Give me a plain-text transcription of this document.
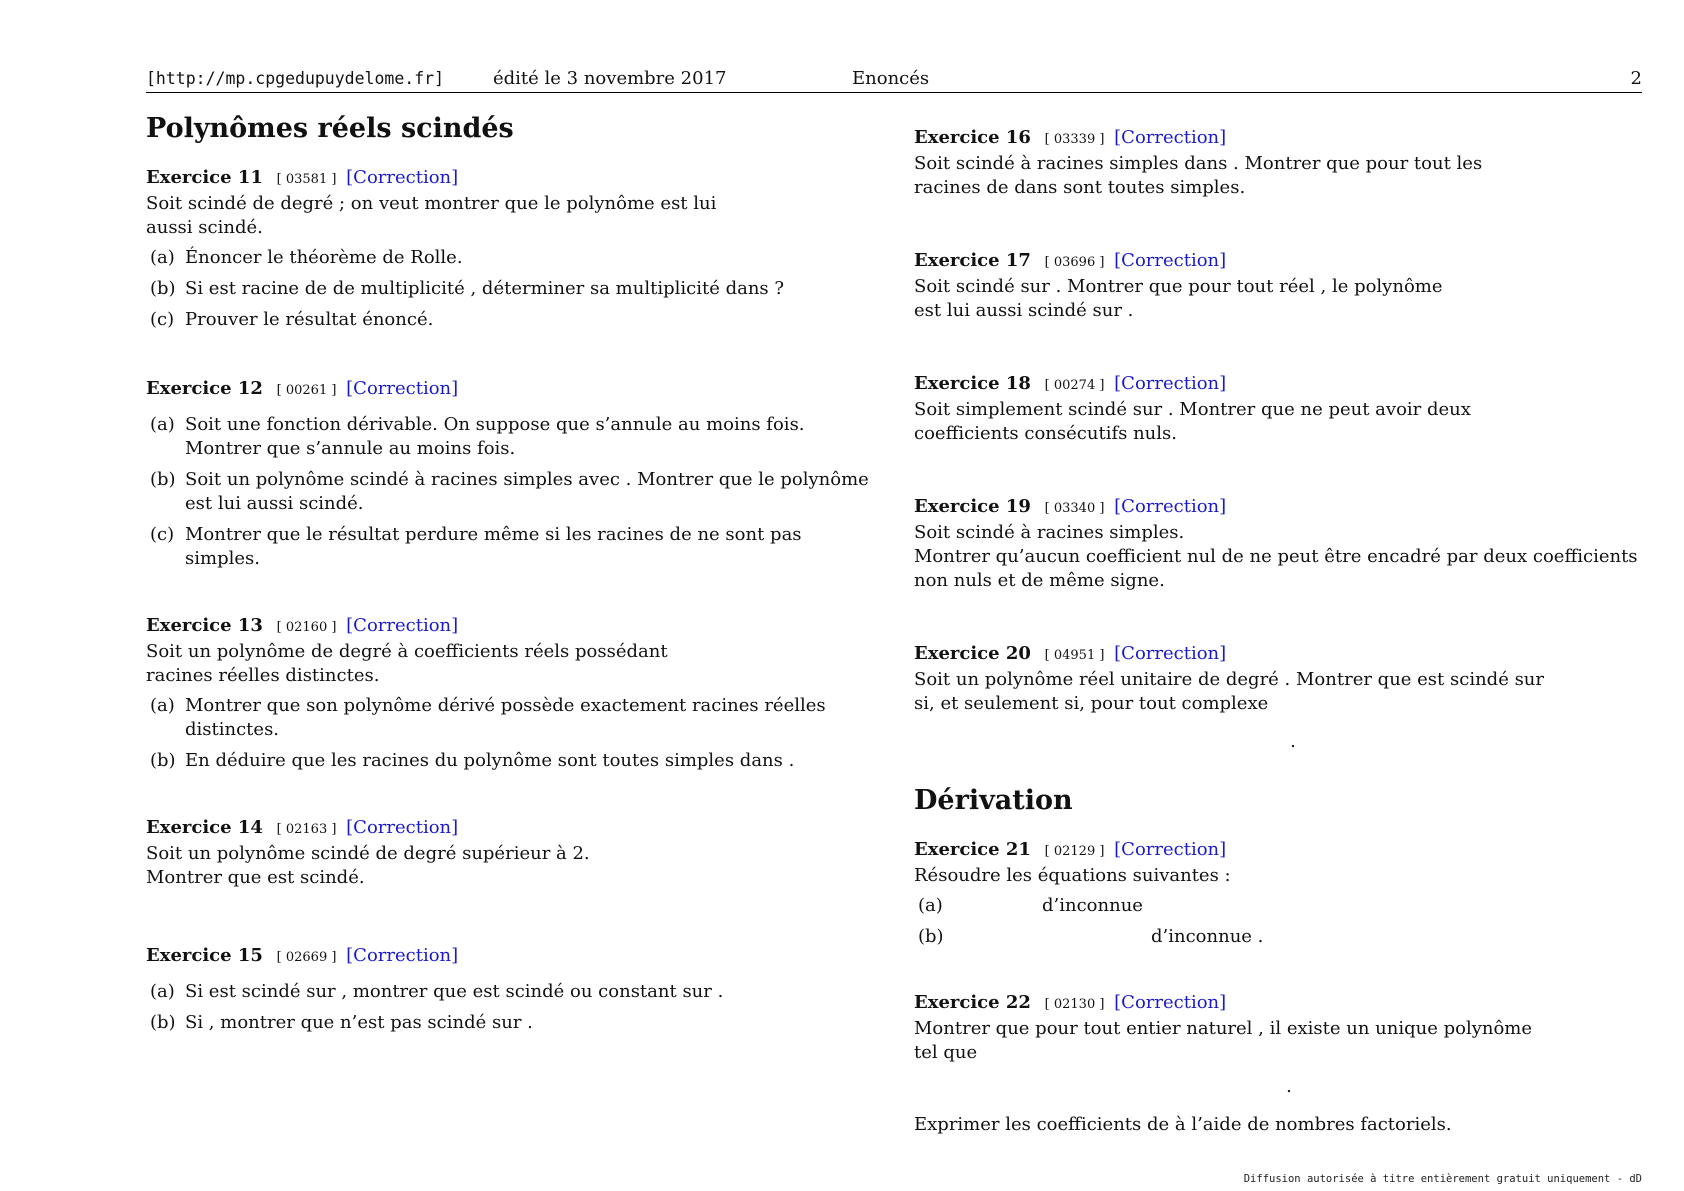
[http://mp.cpgedupuydelome.fr]	édité le 3 novembre 2017	Enoncés	2
Polynômes réels scindés

Exercice 11 [ 03581 ] [Correction]

Soit scindé de degré ; on veut montrer que le polynôme est lui
aussi scindé.
(a) Énoncer le théorème de Rolle.
(b) Si est racine de de multiplicité , déterminer sa multiplicité dans ?
(c) Prouver le résultat énoncé.

Exercice 12 [ 00261 ] [Correction]

(a) Soit une fonction dérivable. On suppose que s’annule au moins fois. Montrer que s’annule au moins fois.
(b) Soit un polynôme scindé à racines simples avec . Montrer que le polynôme est lui aussi scindé.
(c) Montrer que le résultat perdure même si les racines de ne sont pas simples.

Exercice 13 [ 02160 ] [Correction]

Soit un polynôme de degré à coefficients réels possédant
racines réelles distinctes.
(a) Montrer que son polynôme dérivé possède exactement racines réelles distinctes.
(b) En déduire que les racines du polynôme sont toutes simples dans .

Exercice 14 [ 02163 ] [Correction]

Soit un polynôme scindé de degré supérieur à 2.
Montrer que est scindé.

Exercice 15 [ 02669 ] [Correction]

(a) Si est scindé sur , montrer que est scindé ou constant sur .
(b) Si , montrer que n’est pas scindé sur .

Exercice 16 [ 03339 ] [Correction]

Soit scindé à racines simples dans . Montrer que pour tout les
racines de dans sont toutes simples.

Exercice 17 [ 03696 ] [Correction]

Soit scindé sur . Montrer que pour tout réel , le polynôme
est lui aussi scindé sur .

Exercice 18 [ 00274 ] [Correction]

Soit simplement scindé sur . Montrer que ne peut avoir deux
coefficients consécutifs nuls.

Exercice 19 [ 03340 ] [Correction]

Soit scindé à racines simples.
Montrer qu’aucun coefficient nul de ne peut être encadré par deux coefficients
non nuls et de même signe.

Exercice 20 [ 04951 ] [Correction]

Soit un polynôme réel unitaire de degré . Montrer que est scindé sur
si, et seulement si, pour tout complexe
.
Dérivation

Exercice 21 [ 02129 ] [Correction]

Résoudre les équations suivantes :
(a)	d’inconnue
(b)	d’inconnue .

Exercice 22 [ 02130 ] [Correction]

Montrer que pour tout entier naturel , il existe un unique polynôme
tel que
.
Exprimer les coefficients de à l’aide de nombres factoriels.
Diffusion autorisée à titre entièrement gratuit uniquement - dD
